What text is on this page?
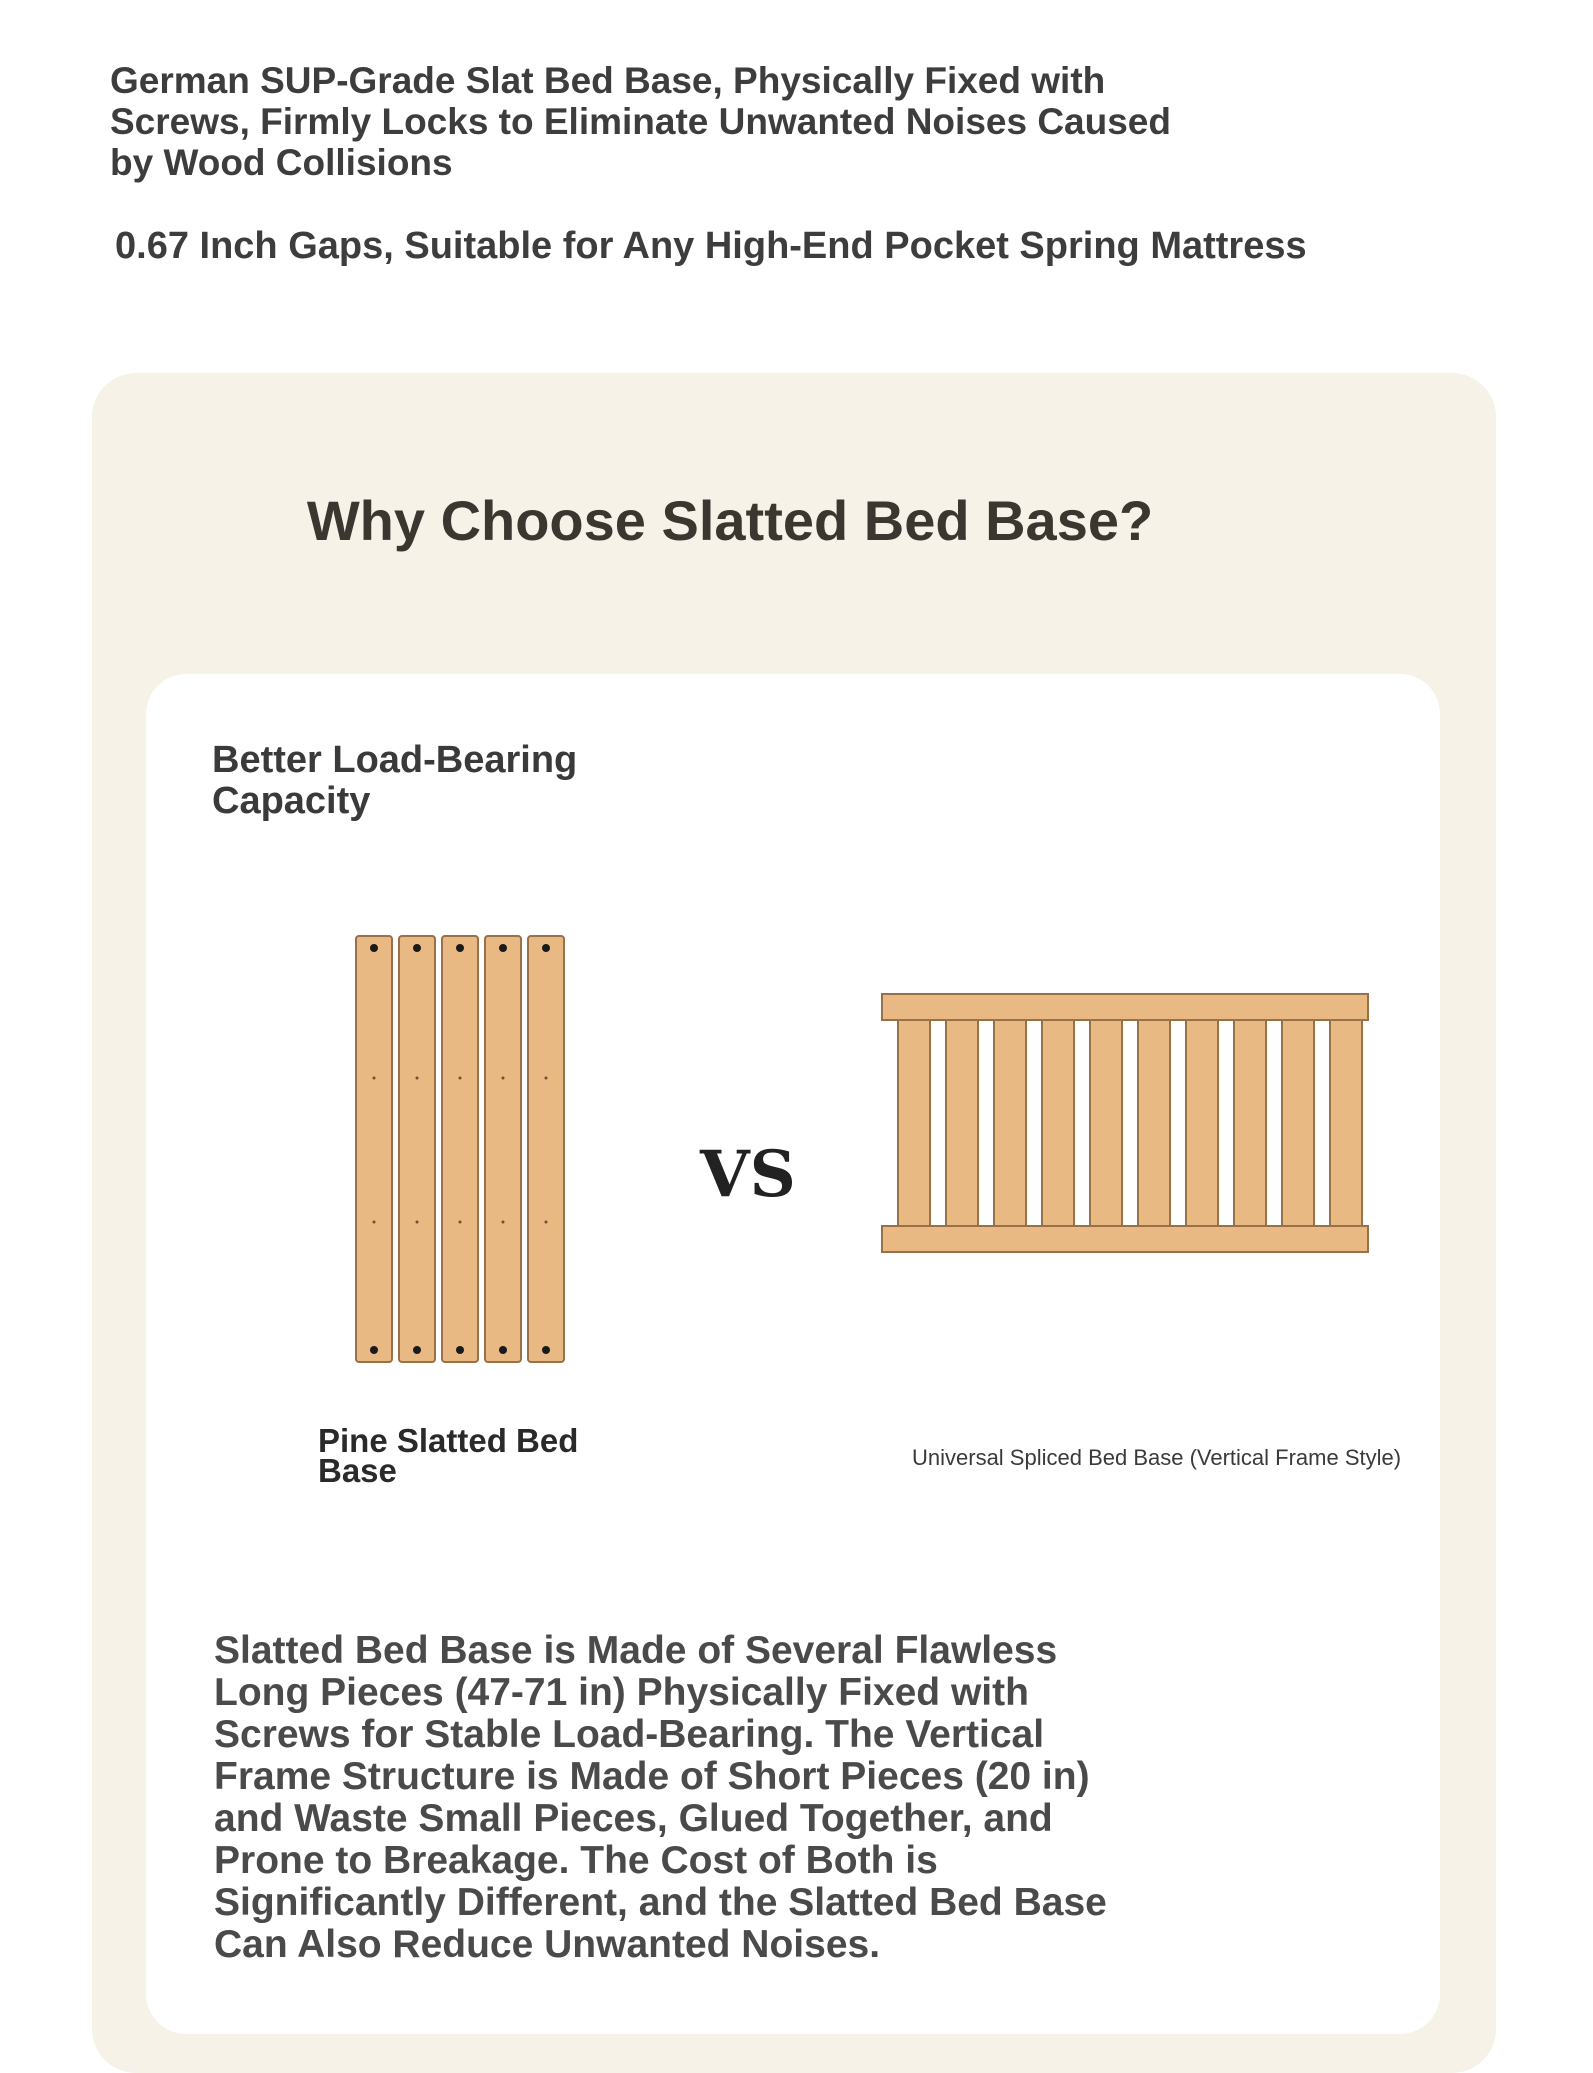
German SUP-Grade Slat Bed Base, Physically Fixed with Screws, Firmly Locks to Eliminate Unwanted Noises Caused by Wood Collisions
0.67 Inch Gaps, Suitable for Any High-End Pocket Spring Mattress
Why Choose Slatted Bed Base?
Better Load-Bearing Capacity
VS
Pine Slatted Bed Base	Universal Spliced Bed Base (Vertical Frame Style)
Slatted Bed Base is Made of Several Flawless Long Pieces (47-71 in) Physically Fixed with Screws for Stable Load-Bearing. The Vertical Frame Structure is Made of Short Pieces (20 in) and Waste Small Pieces, Glued Together, and Prone to Breakage. The Cost of Both is Significantly Different, and the Slatted Bed Base Can Also Reduce Unwanted Noises.
